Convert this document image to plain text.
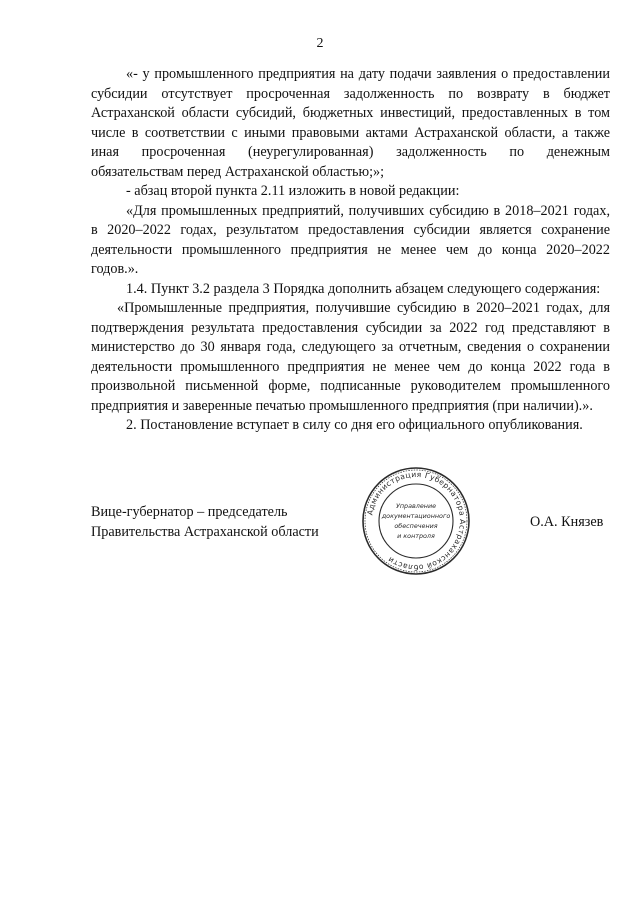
2

«- у промышленного предприятия на дату подачи заявления о предоставлении субсидии отсутствует просроченная задолженность по возврату в бюджет Астраханской области субсидий, бюджетных инвестиций, предоставленных в том числе в соответствии с иными правовыми актами Астраханской области, а также иная просроченная (неурегулированная) задолженность по денежным обязательствам перед Астраханской областью;»;

- абзац второй пункта 2.11 изложить в новой редакции:

«Для промышленных предприятий, получивших субсидию в 2018–2021 годах, в 2020–2022 годах, результатом предоставления субсидии является сохранение деятельности промышленного предприятия не менее чем до конца 2020–2022 годов.».

1.4. Пункт 3.2 раздела 3 Порядка дополнить абзацем следующего содержания:

«Промышленные предприятия, получившие субсидию в 2020–2021 годах, для подтверждения результата предоставления субсидии за 2022 год представляют в министерство до 30 января года, следующего за отчетным, сведения о сохранении деятельности промышленного предприятия не менее чем до конца 2022 года в произвольной письменной форме, подписанные руководителем промышленного предприятия и заверенные печатью промышленного предприятия (при наличии).».

2. Постановление вступает в силу со дня его официального опубликования.

Вице-губернатор – председатель
Правительства Астраханской области
Администрация Губернатора Астраханской области
Управление
документационного
обеспечения
и контроля
О.А. Князев
